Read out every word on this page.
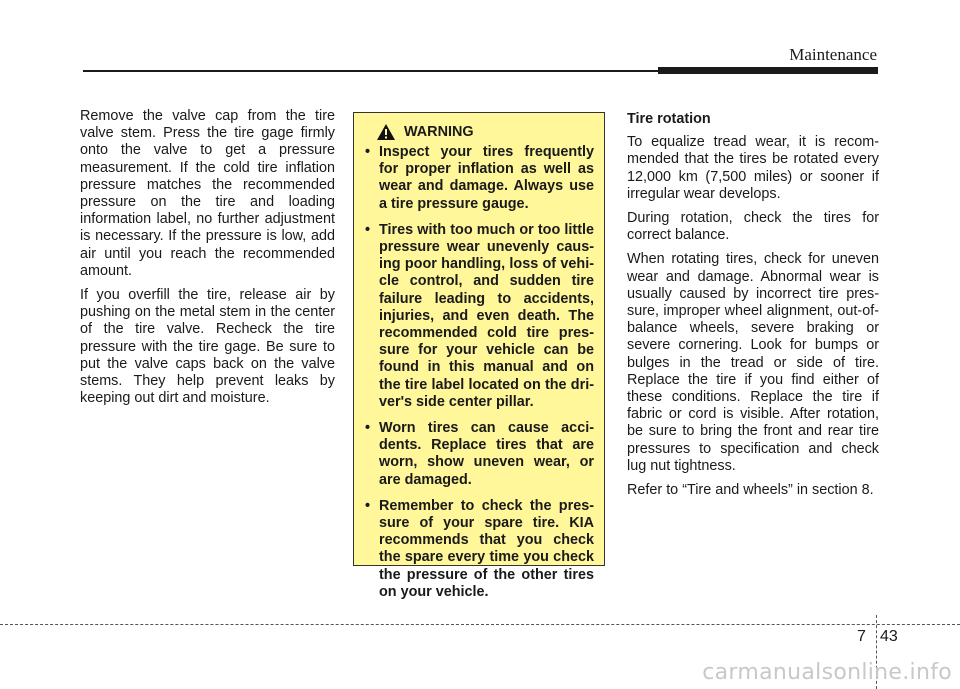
Maintenance

Remove the valve cap from the tire valve stem. Press the tire gage firmly onto the valve to get a pressure measurement. If the cold tire inflation pressure matches the recommended pressure on the tire and loading information label, no further adjustment is necessary. If the pressure is low, add air until you reach the recommended amount.

If you overfill the tire, release air by pushing on the metal stem in the center of the tire valve. Recheck the tire pressure with the tire gage. Be sure to put the valve caps back on the valve stems. They help prevent leaks by keeping out dirt and moisture.

WARNING
• Inspect your tires frequently for proper inflation as well as wear and damage. Always use a tire pressure gauge.
• Tires with too much or too little pressure wear unevenly causing poor handling, loss of vehicle control, and sudden tire failure leading to accidents, injuries, and even death. The recommended cold tire pressure for your vehicle can be found in this manual and on the tire label located on the driver's side center pillar.
• Worn tires can cause accidents. Replace tires that are worn, show uneven wear, or are damaged.
• Remember to check the pressure of your spare tire. KIA recommends that you check the spare every time you check the pressure of the other tires on your vehicle.
Tire rotation

To equalize tread wear, it is recommended that the tires be rotated every 12,000 km (7,500 miles) or sooner if irregular wear develops.

During rotation, check the tires for correct balance.

When rotating tires, check for uneven wear and damage. Abnormal wear is usually caused by incorrect tire pressure, improper wheel alignment, out-of-balance wheels, severe braking or severe cornering. Look for bumps or bulges in the tread or side of tire. Replace the tire if you find either of these conditions. Replace the tire if fabric or cord is visible. After rotation, be sure to bring the front and rear tire pressures to specification and check lug nut tightness.

Refer to “Tire and wheels” in section 8.

7 43
carmanualsonline.info
